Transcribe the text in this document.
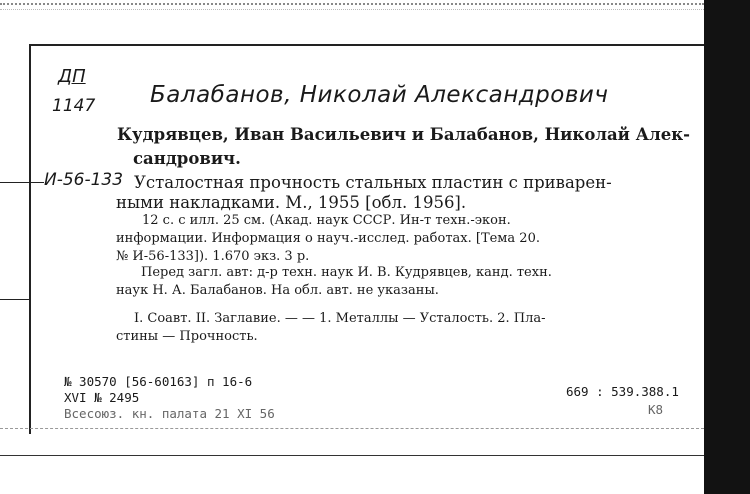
ДП
1147 Балабанов, Николай Александрович
Кудрявцев, Иван Васильевич и Балабанов, Николай Алек-
сандрович.
И-56-133 Усталостная прочность стальных пластин с приварен-
ными накладками. М., 1955 [обл. 1956].
12 с. с илл. 25 см. (Акад. наук СССР. Ин-т техн.-экон.
информации. Информация о науч.-исслед. работах. [Тема 20.
№ И-56-133]). 1.670 экз. 3 р.
Перед загл. авт: д-р техн. наук И. В. Кудрявцев, канд. техн.
наук Н. А. Балабанов. На обл. авт. не указаны.
I. Соавт. II. Заглавие. — — 1. Металлы — Усталость. 2. Пла-
стины — Прочность.
№ 30570 [56-60163] п 16-6
XVI № 2495
Всесоюз. кн. палата 21 XI 56
669 : 539.388.1
К8
